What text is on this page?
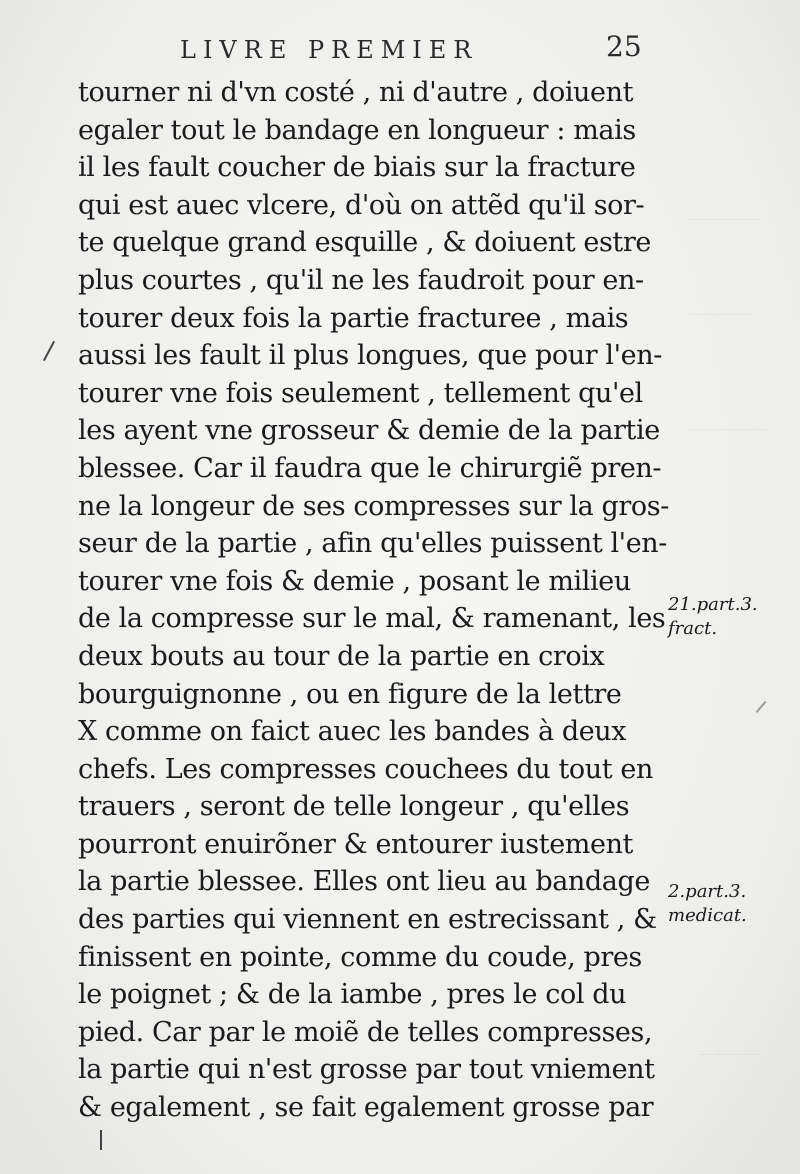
LIVRE PREMIER	25
tourner ni d'vn costé , ni d'autre , doiuent
egaler tout le bandage en longueur : mais
il les fault coucher de biais sur la fracture
qui est auec vlcere, d'où on attẽd qu'il sor-
te quelque grand esquille , & doiuent estre
plus courtes , qu'il ne les faudroit pour en-
tourer deux fois la partie fracturee , mais
aussi les fault il plus longues, que pour l'en-
tourer vne fois seulement , tellement qu'el
les ayent vne grosseur & demie de la partie
blessee. Car il faudra que le chirurgiẽ pren-
ne la longeur de ses compresses sur la gros-
seur de la partie , afin qu'elles puissent l'en-
tourer vne fois & demie , posant le milieu
de la compresse sur le mal, & ramenant, les
deux bouts au tour de la partie en croix
bourguignonne , ou en figure de la lettre
X comme on faict auec les bandes à deux
chefs. Les compresses couchees du tout en
trauers , seront de telle longeur , qu'elles
pourront enuirõner & entourer iustement
la partie blessee. Elles ont lieu au bandage
des parties qui viennent en estrecissant , &
finissent en pointe, comme du coude, pres
le poignet ; & de la iambe , pres le col du
pied. Car par le moiẽ de telles compresses,
la partie qui n'est grosse par tout vniement
& egalement , se fait egalement grosse par
21.part.3.
fract.
2.part.3.
medicat.
